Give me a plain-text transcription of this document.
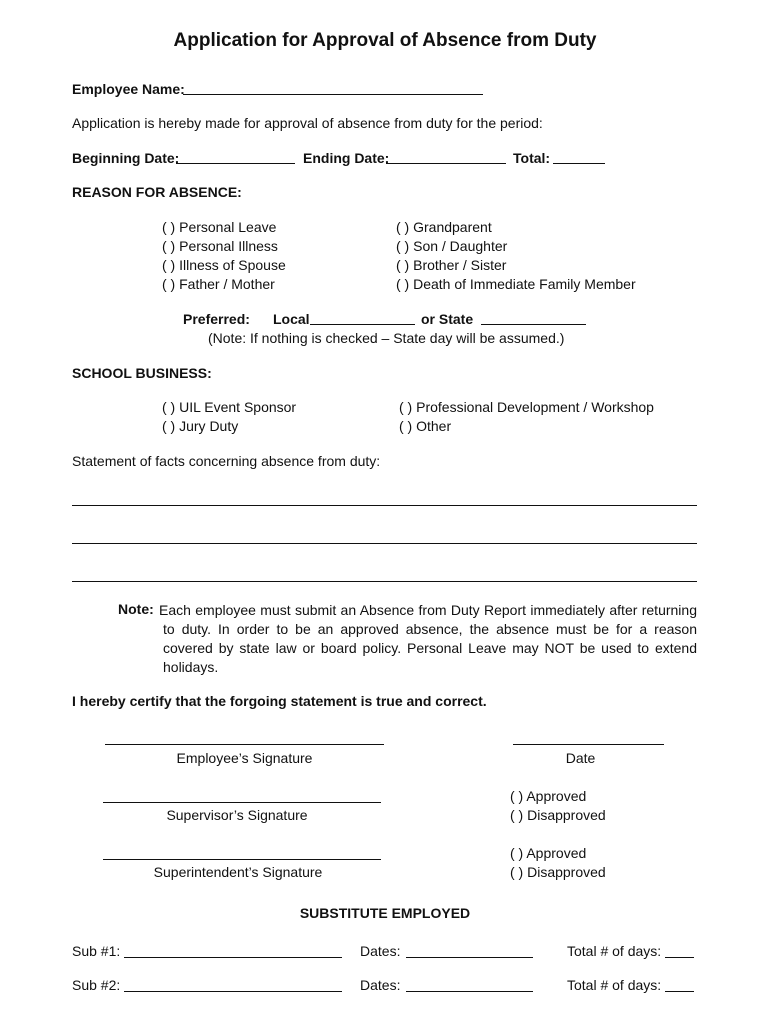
Application for Approval of Absence from Duty
Employee Name:
Application is hereby made for approval of absence from duty for the period:
Beginning Date:	Ending Date:	Total:
REASON FOR ABSENCE:
( ) Personal Leave
( ) Personal Illness
( ) Illness of Spouse
( ) Father / Mother
( ) Grandparent
( ) Son / Daughter
( ) Brother / Sister
( ) Death of Immediate Family Member
Preferred: Local	or State
(Note: If nothing is checked – State day will be assumed.)
SCHOOL BUSINESS:
( ) UIL Event Sponsor
( ) Jury Duty
( ) Professional Development / Workshop
( ) Other
Statement of facts concerning absence from duty:
Note: Each employee must submit an Absence from Duty Report immediately after returning to duty. In order to be an approved absence, the absence must be for a reason covered by state law or board policy. Personal Leave may NOT be used to extend holidays.
I hereby certify that the forgoing statement is true and correct.
Employee’s Signature	Date
Supervisor’s Signature
( ) Approved
( ) Disapproved
Superintendent’s Signature
( ) Approved
( ) Disapproved
SUBSTITUTE EMPLOYED
Sub #1:	Dates:	Total # of days:
Sub #2:	Dates:	Total # of days:
